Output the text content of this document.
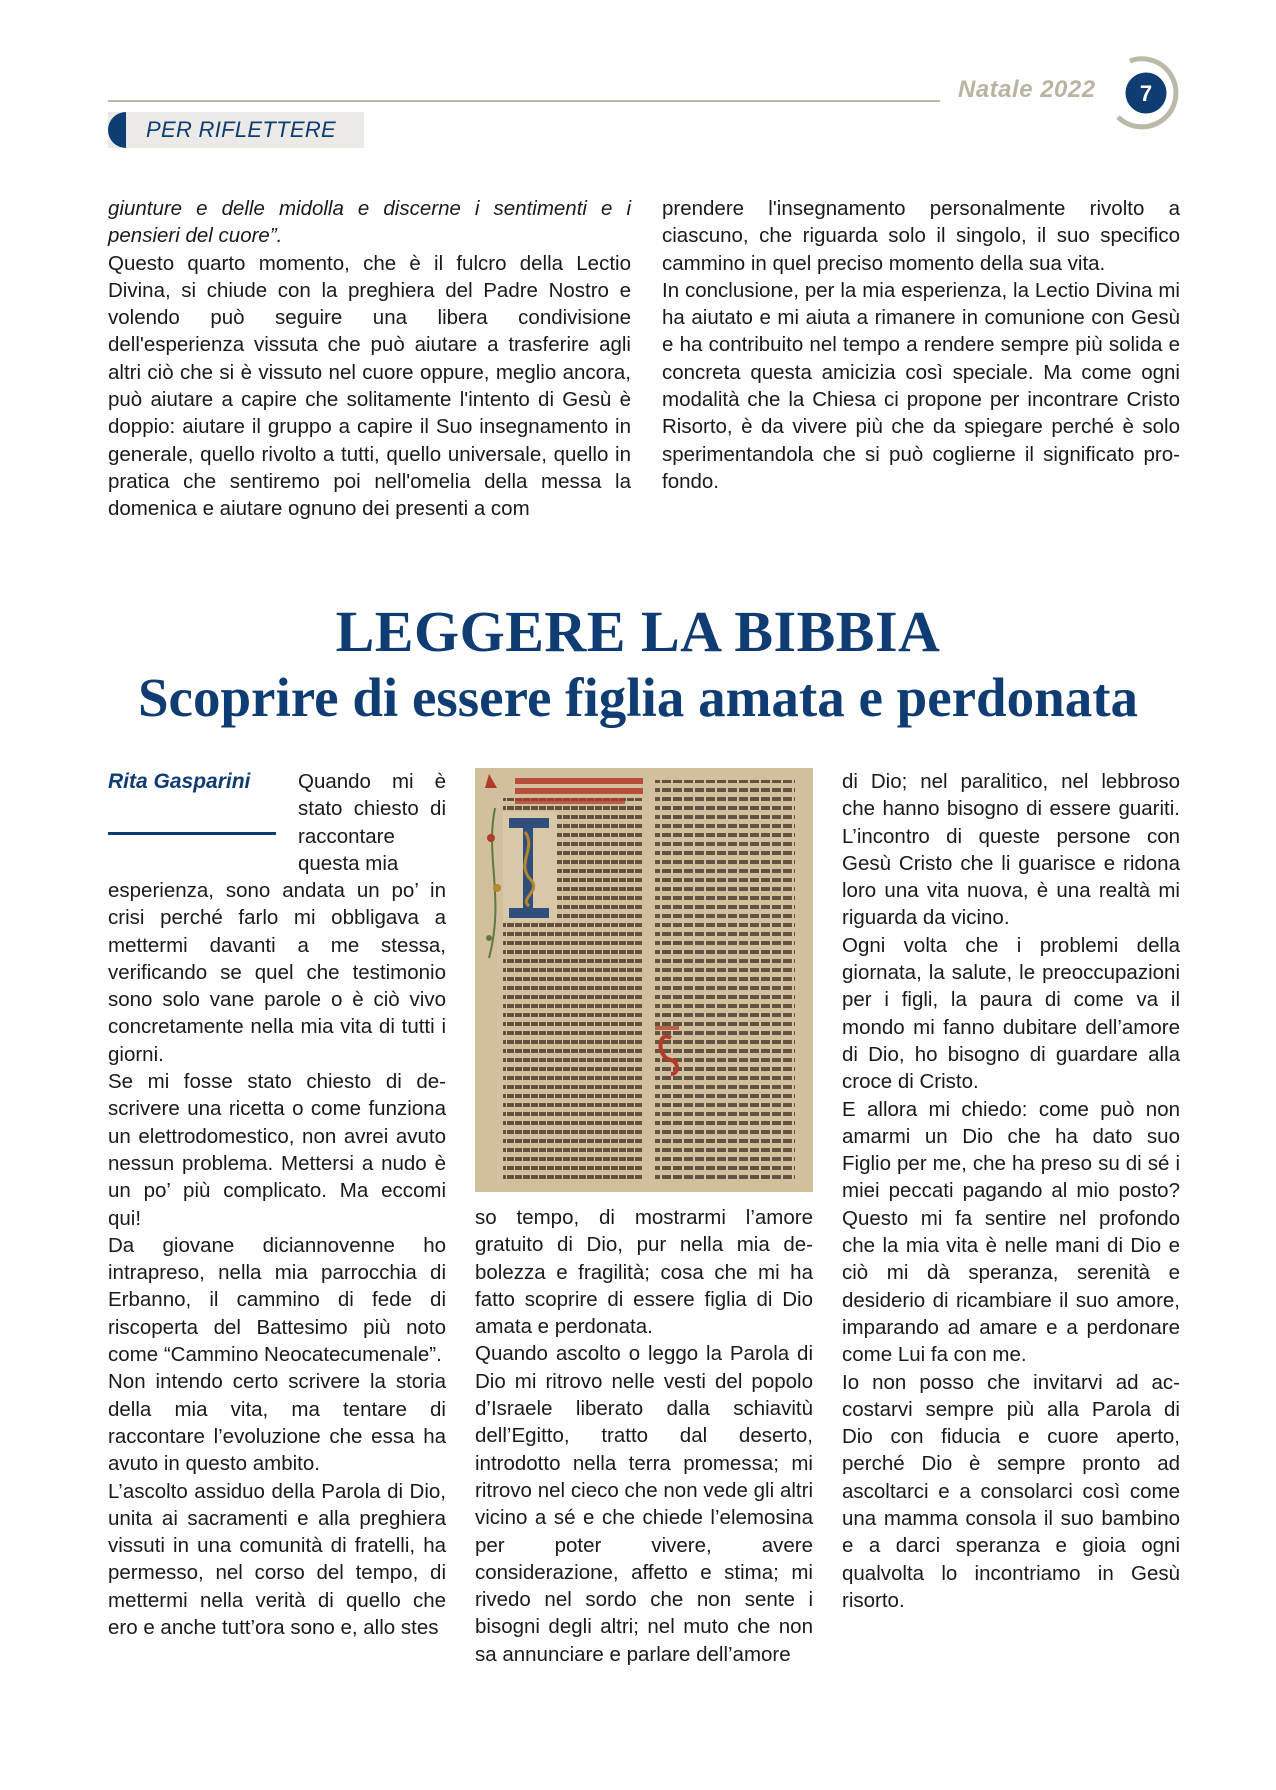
Natale 2022 7
PER RIFLETTERE

giunture e delle midolla e discerne i sentimenti e i pensieri del cuore”.

Questo quarto momento, che è il fulcro della Lectio Divina, si chiude con la preghiera del Padre Nostro e volendo può seguire una libera condivisione dell'esperienza vissuta che può aiutare a trasferire agli altri ciò che si è vissuto nel cuore oppure, meglio ancora, può aiutare a capire che solitamente l'intento di Gesù è doppio: aiutare il gruppo a capire il Suo insegnamento in generale, quello rivolto a tutti, quello universale, quello in pratica che sentiremo poi nell'omelia della messa la domenica e aiutare ognuno dei presenti a com

prendere l'insegnamento personalmente rivolto a ciascuno, che riguarda solo il singolo, il suo specifico cammino in quel preciso momento della sua vita.

In conclusione, per la mia esperienza, la Lectio Divina mi ha aiutato e mi aiuta a rimanere in comunione con Gesù e ha contribuito nel tempo a rendere sempre più solida e concreta questa amicizia così speciale. Ma come ogni modalità che la Chiesa ci propone per incontrare Cristo Risorto, è da vivere più che da spiegare perché è solo sperimentandola che si può coglierne il significato profondo.

LEGGERE LA BIBBIA
Scoprire di essere figlia amata e perdonata
Rita Gasparini	Quando mi è stato chiesto di raccontare questa mia

esperienza, sono andata un po’ in crisi perché farlo mi obbligava a mettermi davanti a me stessa, verificando se quel che testimonio sono solo vane parole o è ciò vivo concretamente nella mia vita di tutti i giorni.

Se mi fosse stato chiesto di descrivere una ricetta o come funziona un elettrodomestico, non avrei avuto nessun problema. Mettersi a nudo è un po’ più complicato. Ma eccomi qui!

Da giovane diciannovenne ho intrapreso, nella mia parrocchia di Erbanno, il cammino di fede di riscoperta del Battesimo più noto come “Cammino Neocatecumenale”.

Non intendo certo scrivere la storia della mia vita, ma tentare di raccontare l’evoluzione che essa ha avuto in questo ambito.

L’ascolto assiduo della Parola di Dio, unita ai sacramenti e alla preghiera vissuti in una comunità di fratelli, ha permesso, nel corso del tempo, di mettermi nella verità di quello che ero e anche tutt’ora sono e, allo stes

so tempo, di mostrarmi l’amore gratuito di Dio, pur nella mia debolezza e fragilità; cosa che mi ha fatto scoprire di essere figlia di Dio amata e perdonata.

Quando ascolto o leggo la Parola di Dio mi ritrovo nelle vesti del popolo d’Israele liberato dalla schiavitù dell’Egitto, tratto dal deserto, introdotto nella terra promessa; mi ritrovo nel cieco che non vede gli altri vicino a sé e che chiede l’elemosina per poter vivere, avere considerazione, affetto e stima; mi rivedo nel sordo che non sente i bisogni degli altri; nel muto che non sa annunciare e parlare dell’amore

di Dio; nel paralitico, nel lebbroso che hanno bisogno di essere guariti. L’incontro di queste persone con Gesù Cristo che li guarisce e ridona loro una vita nuova, è una realtà mi riguarda da vicino.

Ogni volta che i problemi della giornata, la salute, le preoccupazioni per i figli, la paura di come va il mondo mi fanno dubitare dell’amore di Dio, ho bisogno di guardare alla croce di Cristo.

E allora mi chiedo: come può non amarmi un Dio che ha dato suo Figlio per me, che ha preso su di sé i miei peccati pagando al mio posto? Questo mi fa sentire nel profondo che la mia vita è nelle mani di Dio e ciò mi dà speranza, serenità e desiderio di ricambiare il suo amore, imparando ad amare e a perdonare come Lui fa con me.

Io non posso che invitarvi ad accostarvi sempre più alla Parola di Dio con fiducia e cuore aperto, perché Dio è sempre pronto ad ascoltarci e a consolarci così come una mamma consola il suo bambino e a darci speranza e gioia ogni qualvolta lo incontriamo in Gesù risorto.
